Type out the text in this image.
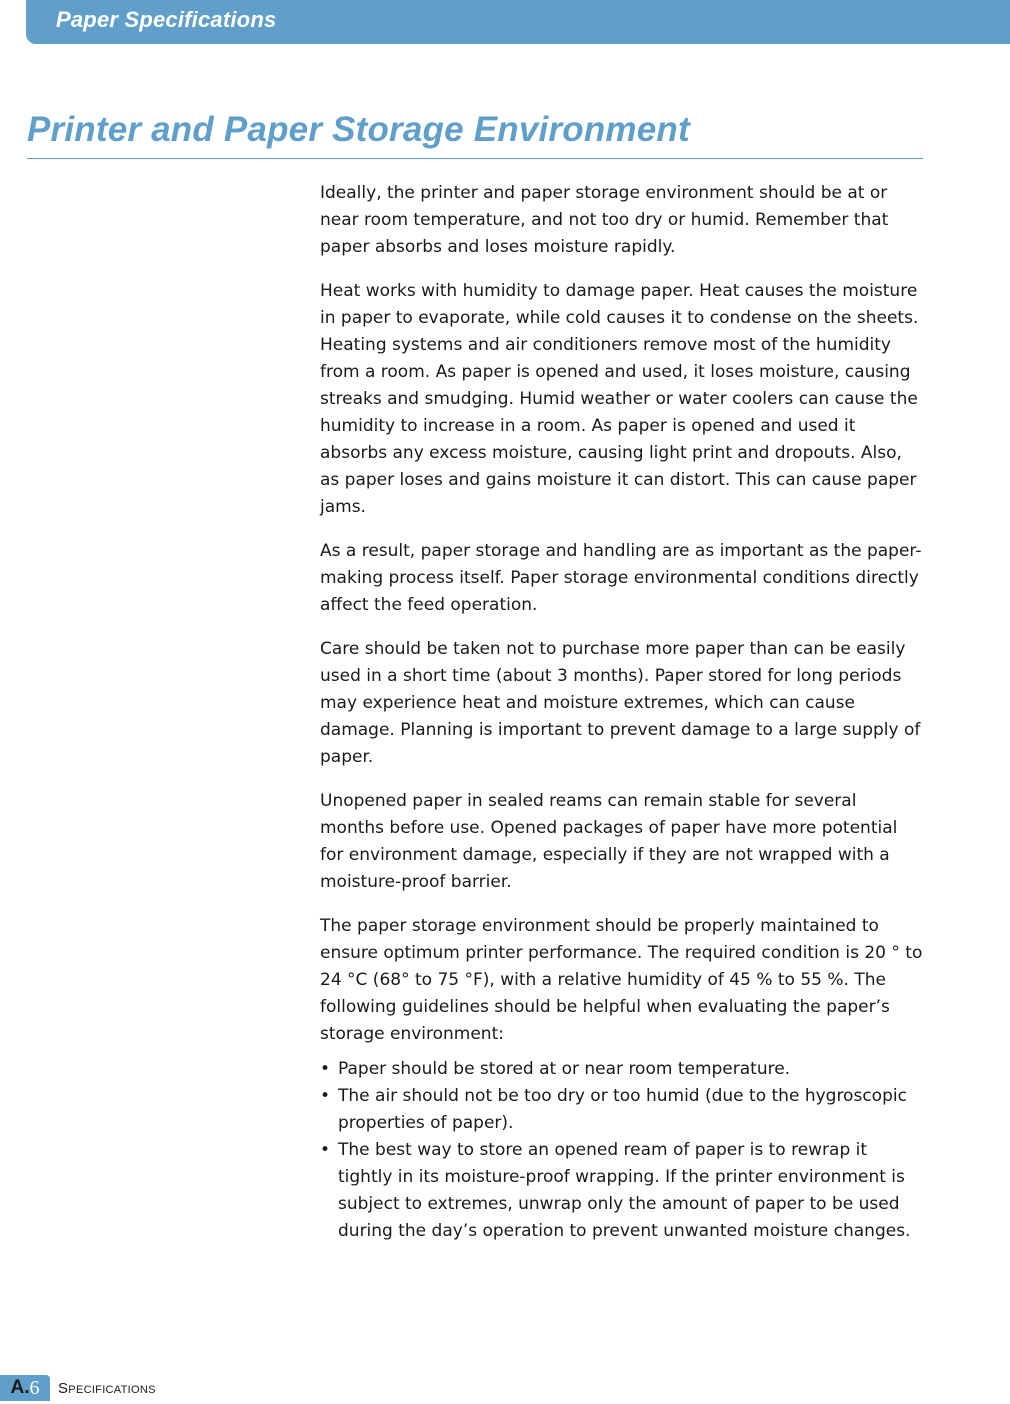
Paper Specifications
Printer and Paper Storage Environment

Ideally, the printer and paper storage environment should be at or near room temperature, and not too dry or humid. Remember that paper absorbs and loses moisture rapidly.

Heat works with humidity to damage paper. Heat causes the moisture in paper to evaporate, while cold causes it to condense on the sheets. Heating systems and air conditioners remove most of the humidity from a room. As paper is opened and used, it loses moisture, causing streaks and smudging. Humid weather or water coolers can cause the humidity to increase in a room. As paper is opened and used it absorbs any excess moisture, causing light print and dropouts. Also, as paper loses and gains moisture it can distort. This can cause paper jams.

As a result, paper storage and handling are as important as the paper-making process itself. Paper storage environmental conditions directly affect the feed operation.

Care should be taken not to purchase more paper than can be easily used in a short time (about 3 months). Paper stored for long periods may experience heat and moisture extremes, which can cause damage. Planning is important to prevent damage to a large supply of paper.

Unopened paper in sealed reams can remain stable for several months before use. Opened packages of paper have more potential for environment damage, especially if they are not wrapped with a moisture-proof barrier.

The paper storage environment should be properly maintained to ensure optimum printer performance. The required condition is 20 ° to 24 °C (68° to 75 °F), with a relative humidity of 45 % to 55 %. The following guidelines should be helpful when evaluating the paper’s storage environment:

• Paper should be stored at or near room temperature.
• The air should not be too dry or too humid (due to the hygroscopic properties of paper).
• The best way to store an opened ream of paper is to rewrap it tightly in its moisture-proof wrapping. If the printer environment is subject to extremes, unwrap only the amount of paper to be used during the day’s operation to prevent unwanted moisture changes.
A. 6 Specifications
